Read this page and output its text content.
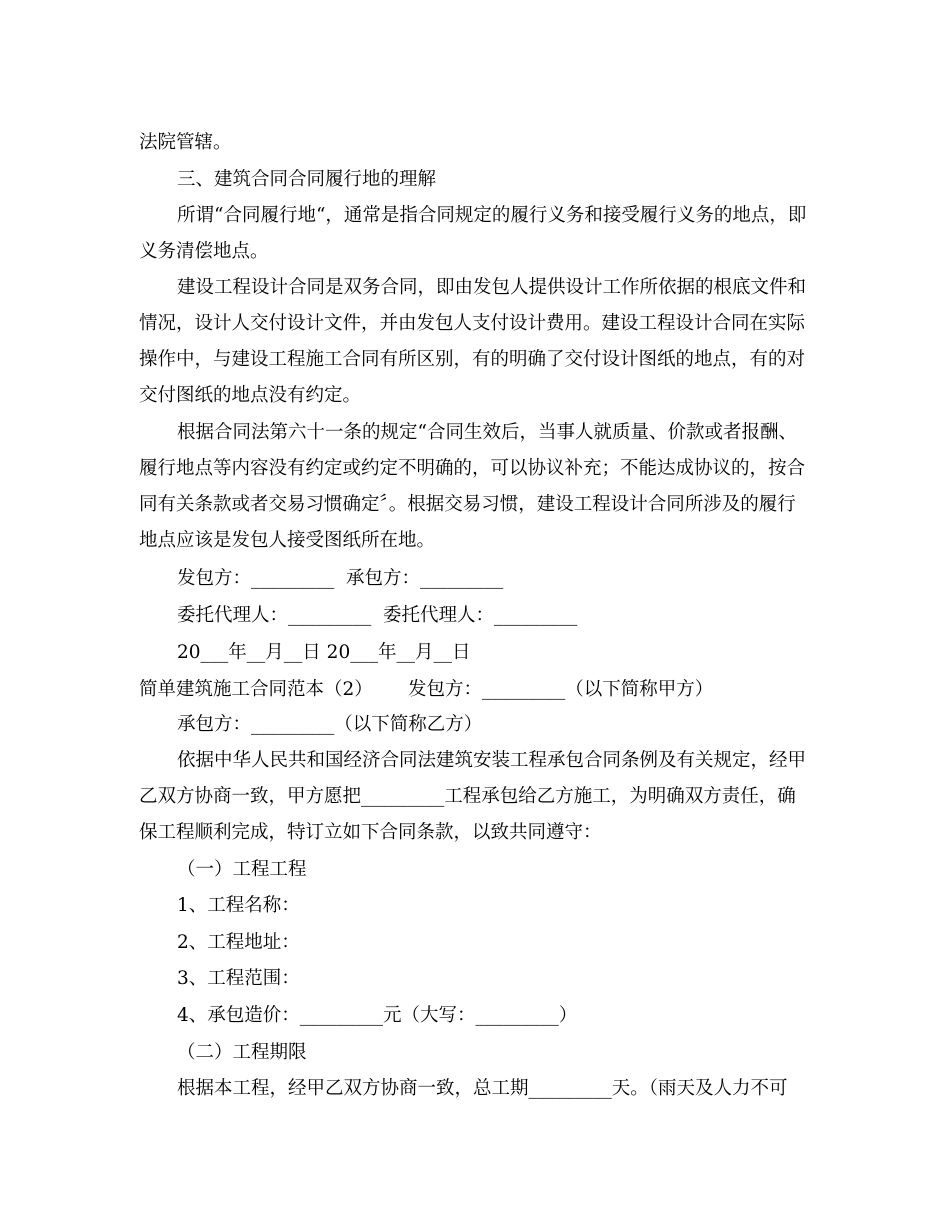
法院管辖。
三、建筑合同合同履行地的理解
所谓“合同履行地“，通常是指合同规定的履行义务和接受履行义务的地点，即
义务清偿地点。
建设工程设计合同是双务合同，即由发包人提供设计工作所依据的根底文件和
情况，设计人交付设计文件，并由发包人支付设计费用。建设工程设计合同在实际
操作中，与建设工程施工合同有所区别，有的明确了交付设计图纸的地点，有的对
交付图纸的地点没有约定。
根据合同法第六十一条的规定“合同生效后，当事人就质量、价款或者报酬、
履行地点等内容没有约定或约定不明确的，可以协议补充；不能达成协议的，按合
同有关条款或者交易习惯确定〞。根据交易习惯，建设工程设计合同所涉及的履行
地点应该是发包人接受图纸所在地。
发包方：_________  承包方：_________
委托代理人：_________  委托代理人：_________
20___年__月__日 20___年__月__日
简单建筑施工合同范本（2）      发包方：_________（以下简称甲方）
承包方：_________（以下简称乙方）
依据中华人民共和国经济合同法建筑安装工程承包合同条例及有关规定，经甲
乙双方协商一致，甲方愿把_________工程承包给乙方施工，为明确双方责任，确
保工程顺利完成，特订立如下合同条款，以致共同遵守：
（一）工程工程
1、工程名称：
2、工程地址：
3、工程范围：
4、承包造价：_________元（大写：_________）
（二）工程期限
根据本工程，经甲乙双方协商一致，总工期_________天。（雨天及人力不可
